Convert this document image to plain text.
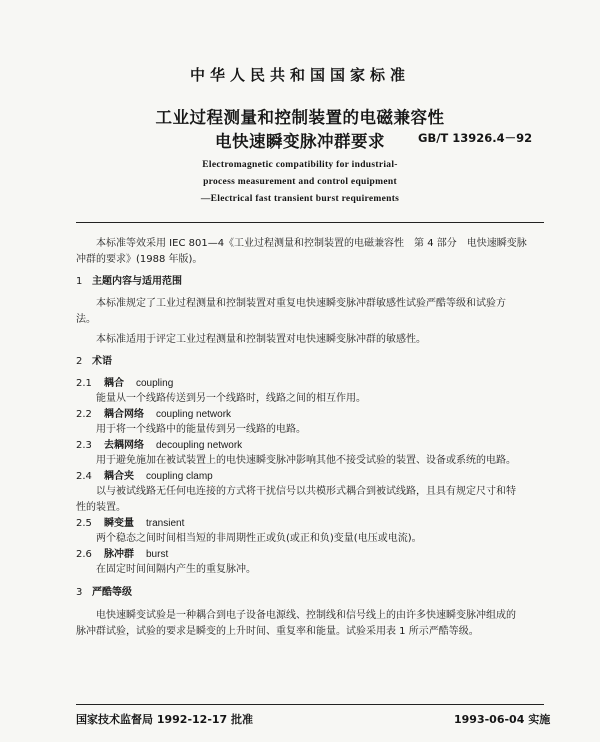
中华人民共和国国家标准
工业过程测量和控制装置的电磁兼容性
电快速瞬变脉冲群要求	GB/T 13926.4－92
Electromagnetic compatibility for industrial-
process measurement and control equipment
—Electrical fast transient burst requirements
本标准等效采用 IEC 801—4《工业过程测量和控制装置的电磁兼容性　第 4 部分　电快速瞬变脉
冲群的要求》(1988 年版)。
1 主题内容与适用范围
本标准规定了工业过程测量和控制装置对重复电快速瞬变脉冲群敏感性试验严酷等级和试验方
法。
本标准适用于评定工业过程测量和控制装置对电快速瞬变脉冲群的敏感性。
2 术语
2.1 耦合 coupling
能量从一个线路传送到另一个线路时，线路之间的相互作用。
2.2 耦合网络 coupling network
用于将一个线路中的能量传到另一线路的电路。
2.3 去耦网络 decoupling network
用于避免施加在被试装置上的电快速瞬变脉冲影响其他不接受试验的装置、设备或系统的电路。
2.4 耦合夹 coupling clamp
以与被试线路无任何电连接的方式将干扰信号以共模形式耦合到被试线路，且具有规定尺寸和特
性的装置。
2.5 瞬变量 transient
两个稳态之间时间相当短的非周期性正或负(或正和负)变量(电压或电流)。
2.6 脉冲群 burst
在固定时间间隔内产生的重复脉冲。
3 严酷等级
电快速瞬变试验是一种耦合到电子设备电源线、控制线和信号线上的由许多快速瞬变脉冲组成的
脉冲群试验，试验的要求是瞬变的上升时间、重复率和能量。试验采用表 1 所示严酷等级。
国家技术监督局 1992-12-17 批准	1993-06-04 实施
